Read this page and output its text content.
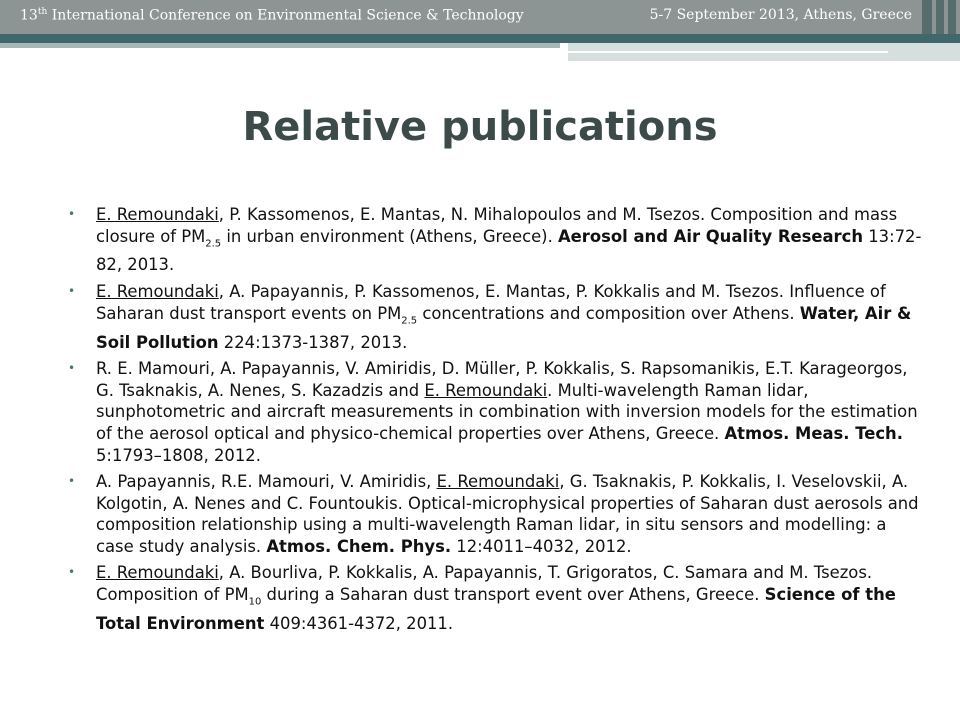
13th International Conference on Environmental Science & Technology	5-7 September 2013, Athens, Greece
Relative publications
• E. Remoundaki, P. Kassomenos, E. Mantas, N. Mihalopoulos and M. Tsezos. Composition and mass closure of $PM_{2.5}$ in urban environment (Athens, Greece). Aerosol and Air Quality Research 13:72-82, 2013.
• E. Remoundaki, A. Papayannis, P. Kassomenos, E. Mantas, P. Kokkalis and M. Tsezos. Influence of Saharan dust transport events on $PM_{2.5}$ concentrations and composition over Athens. Water, Air & Soil Pollution 224:1373-1387, 2013.
• R. E. Mamouri, A. Papayannis, V. Amiridis, D. Müller, P. Kokkalis, S. Rapsomanikis, E.T. Karageorgos, G. Tsaknakis, A. Nenes, S. Kazadzis and E. Remoundaki. Multi-wavelength Raman lidar, sunphotometric and aircraft measurements in combination with inversion models for the estimation of the aerosol optical and physico-chemical properties over Athens, Greece. Atmos. Meas. Tech. 5:1793–1808, 2012.
• A. Papayannis, R.E. Mamouri, V. Amiridis, E. Remoundaki, G. Tsaknakis, P. Kokkalis, I. Veselovskii, A. Kolgotin, A. Nenes and C. Fountoukis. Optical-microphysical properties of Saharan dust aerosols and composition relationship using a multi-wavelength Raman lidar, in situ sensors and modelling: a case study analysis. Atmos. Chem. Phys. 12:4011–4032, 2012.
• E. Remoundaki, A. Bourliva, P. Kokkalis, A. Papayannis, T. Grigoratos, C. Samara and M. Tsezos. Composition of $PM_{10}$ during a Saharan dust transport event over Athens, Greece. Science of the Total Environment 409:4361-4372, 2011.
